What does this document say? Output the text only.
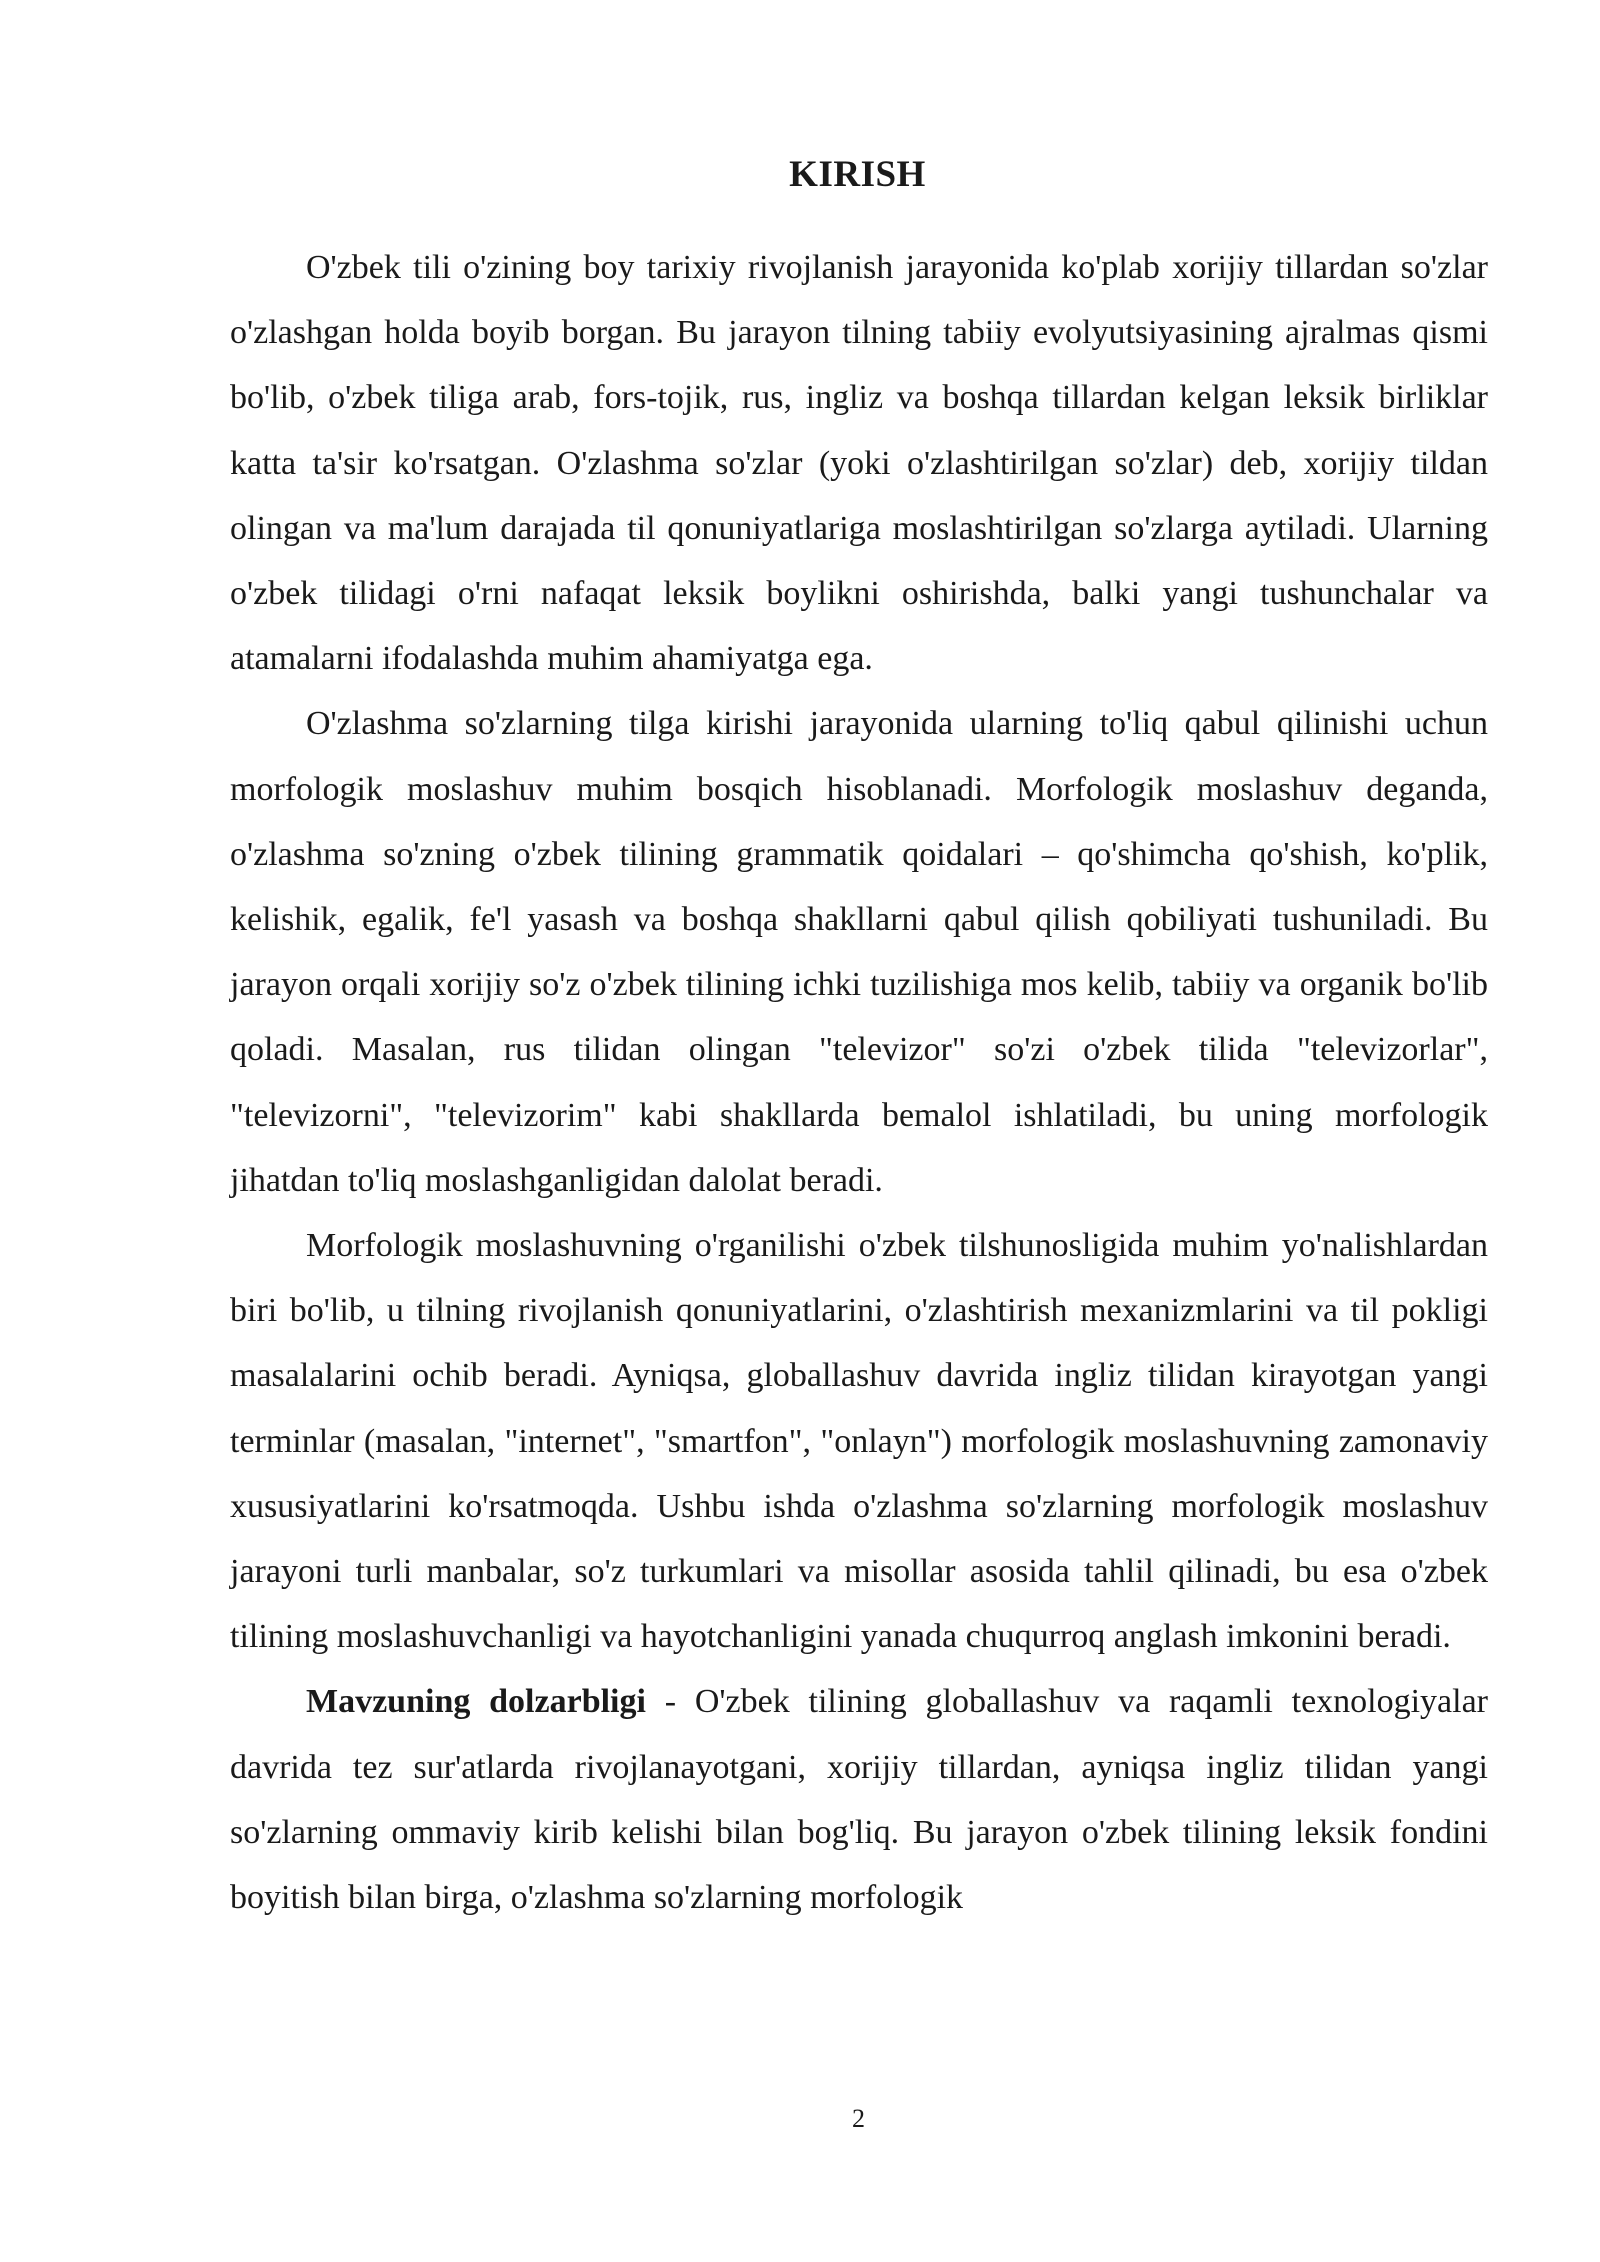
KIRISH

O'zbek tili o'zining boy tarixiy rivojlanish jarayonida ko'plab xorijiy tillardan so'zlar o'zlashgan holda boyib borgan. Bu jarayon tilning tabiiy evolyutsiyasining ajralmas qismi bo'lib, o'zbek tiliga arab, fors-tojik, rus, ingliz va boshqa tillardan kelgan leksik birliklar katta ta'sir ko'rsatgan. O'zlashma so'zlar (yoki o'zlashtirilgan so'zlar) deb, xorijiy tildan olingan va ma'lum darajada til qonuniyatlariga moslashtirilgan so'zlarga aytiladi. Ularning o'zbek tilidagi o'rni nafaqat leksik boylikni oshirishda, balki yangi tushunchalar va atamalarni ifodalashda muhim ahamiyatga ega.

O'zlashma so'zlarning tilga kirishi jarayonida ularning to'liq qabul qilinishi uchun morfologik moslashuv muhim bosqich hisoblanadi. Morfologik moslashuv deganda, o'zlashma so'zning o'zbek tilining grammatik qoidalari – qo'shimcha qo'shish, ko'plik, kelishik, egalik, fe'l yasash va boshqa shakllarni qabul qilish qobiliyati tushuniladi. Bu jarayon orqali xorijiy so'z o'zbek tilining ichki tuzilishiga mos kelib, tabiiy va organik bo'lib qoladi. Masalan, rus tilidan olingan "televizor" so'zi o'zbek tilida "televizorlar", "televizorni", "televizorim" kabi shakllarda bemalol ishlatiladi, bu uning morfologik jihatdan to'liq moslashganligidan dalolat beradi.

Morfologik moslashuvning o'rganilishi o'zbek tilshunosligida muhim yo'nalishlardan biri bo'lib, u tilning rivojlanish qonuniyatlarini, o'zlashtirish mexanizmlarini va til pokligi masalalarini ochib beradi. Ayniqsa, globallashuv davrida ingliz tilidan kirayotgan yangi terminlar (masalan, "internet", "smartfon", "onlayn") morfologik moslashuvning zamonaviy xususiyatlarini ko'rsatmoqda. Ushbu ishda o'zlashma so'zlarning morfologik moslashuv jarayoni turli manbalar, so'z turkumlari va misollar asosida tahlil qilinadi, bu esa o'zbek tilining moslashuvchanligi va hayotchanligini yanada chuqurroq anglash imkonini beradi.

Mavzuning dolzarbligi - O'zbek tilining globallashuv va raqamli texnologiyalar davrida tez sur'atlarda rivojlanayotgani, xorijiy tillardan, ayniqsa ingliz tilidan yangi so'zlarning ommaviy kirib kelishi bilan bog'liq. Bu jarayon o'zbek tilining leksik fondini boyitish bilan birga, o'zlashma so'zlarning morfologik

2
